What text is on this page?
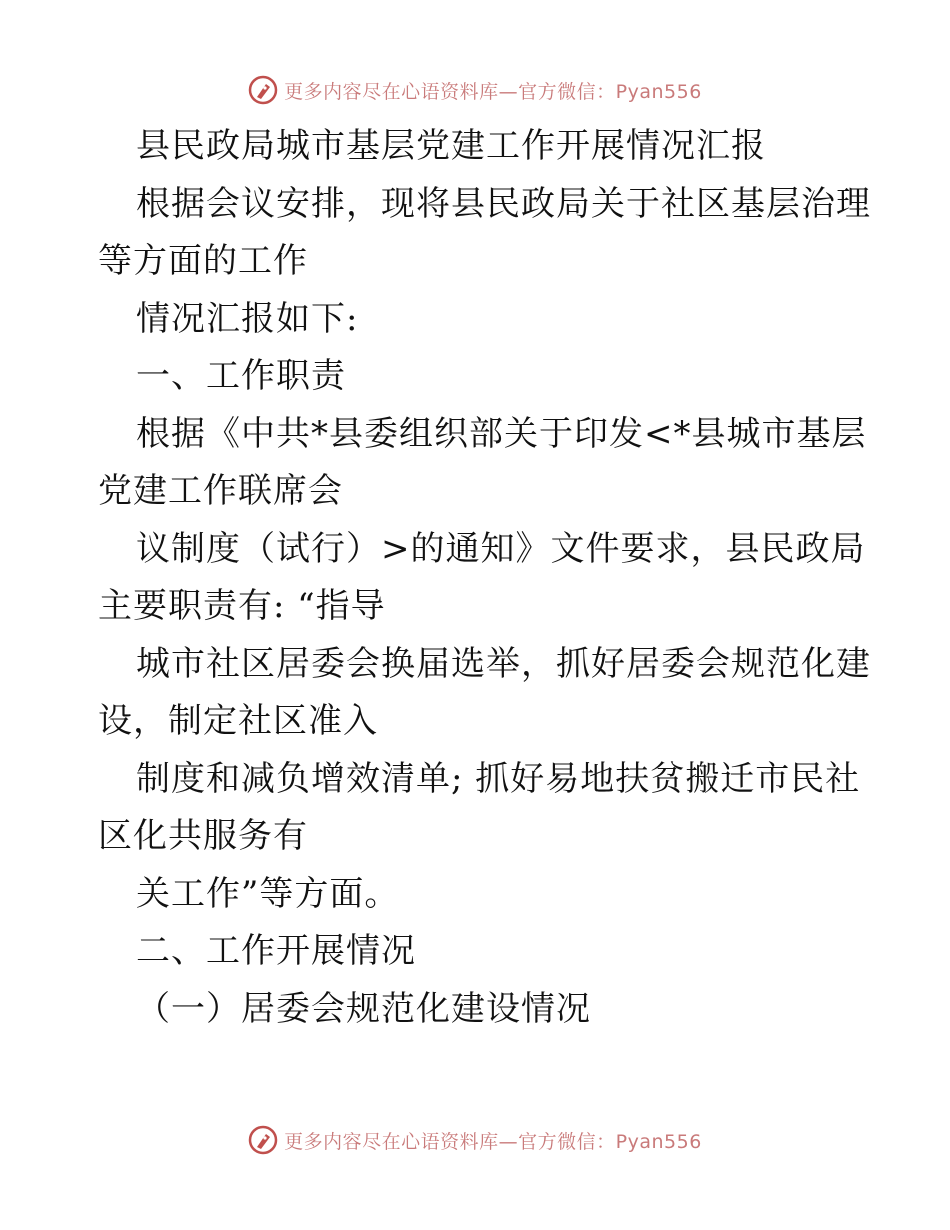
更多内容尽在心语资料库—官方微信：Pyan556
县民政局城市基层党建工作开展情况汇报
根据会议安排，现将县民政局关于社区基层治理
等方面的工作
情况汇报如下:
一、工作职责
根据《中共*县委组织部关于印发<*县城市基层
党建工作联席会
议制度（试行）>的通知》文件要求，县民政局
主要职责有: “指导
城市社区居委会换届选举，抓好居委会规范化建
设，制定社区准入
制度和减负增效清单; 抓好易地扶贫搬迁市民社
区化共服务有
关工作”等方面。
二、工作开展情况
（一）居委会规范化建设情况
更多内容尽在心语资料库—官方微信：Pyan556
